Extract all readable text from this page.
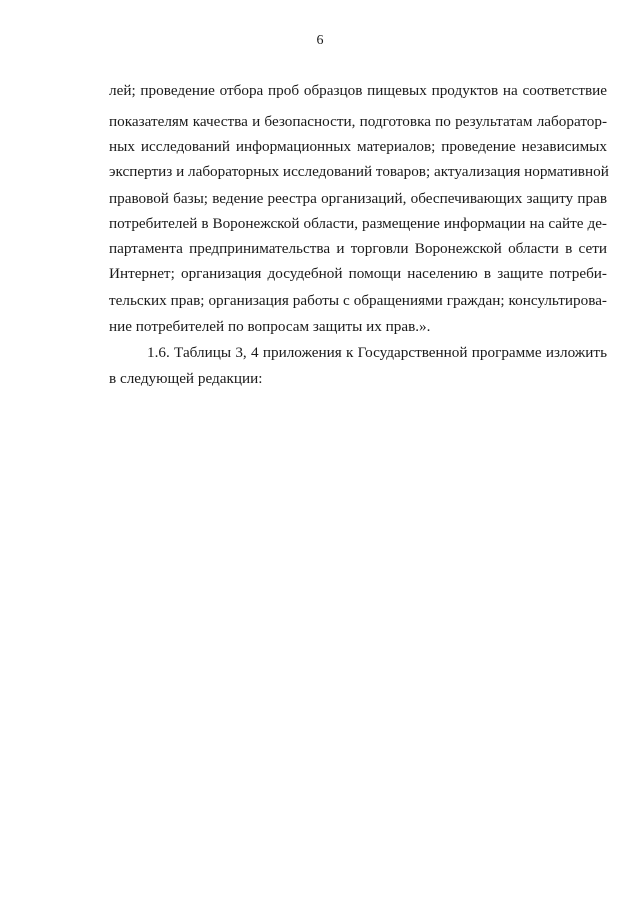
6
лей; проведение отбора проб образцов пищевых продуктов на соответствие
показателям качества и безопасности, подготовка по результатам лаборатор-
ных исследований информационных материалов; проведение независимых
экспертиз и лабораторных исследований товаров; актуализация нормативной
правовой базы; ведение реестра организаций, обеспечивающих защиту прав
потребителей в Воронежской области, размещение информации на сайте де-
партамента предпринимательства и торговли Воронежской области в сети
Интернет; организация досудебной помощи населению в защите потреби-
тельских прав; организация работы с обращениями граждан; консультирова-
ние потребителей по вопросам защиты их прав.».
1.6. Таблицы 3, 4 приложения к Государственной программе изложить
в следующей редакции:
